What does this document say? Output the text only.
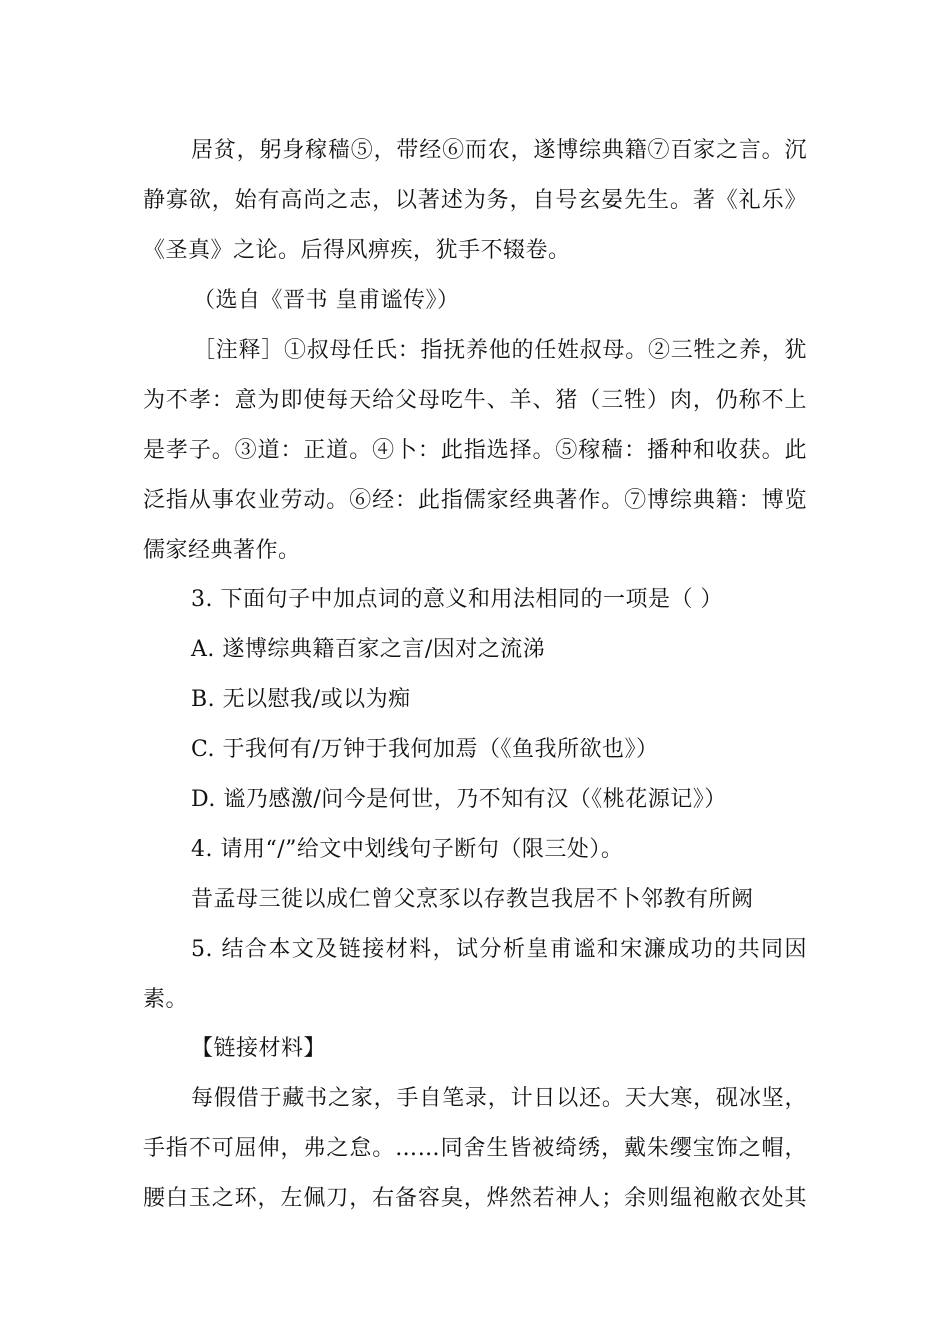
居贫，躬身稼穑⑤，带经⑥而农，遂博综典籍⑦百家之言。沉
静寡欲，始有高尚之志，以著述为务，自号玄晏先生。著《礼乐》
《圣真》之论。后得风痹疾，犹手不辍卷。
（选自《晋书 皇甫谧传》）
［注释］①叔母任氏：指抚养他的任姓叔母。②三牲之养，犹
为不孝：意为即使每天给父母吃牛、羊、猪（三牲）肉，仍称不上
是孝子。③道：正道。④卜：此指选择。⑤稼穑：播种和收获。此
泛指从事农业劳动。⑥经：此指儒家经典著作。⑦博综典籍：博览
儒家经典著作。
3. 下面句子中加点词的意义和用法相同的一项是（ ）
A. 遂博综典籍百家之言/因对之流涕
B. 无以慰我/或以为痴
C. 于我何有/万钟于我何加焉（《鱼我所欲也》）
D. 谧乃感激/问今是何世，乃不知有汉（《桃花源记》）
4. 请用“/”给文中划线句子断句（限三处）。
昔孟母三徙以成仁曾父烹豕以存教岂我居不卜邻教有所阙
5. 结合本文及链接材料，试分析皇甫谧和宋濂成功的共同因
素。
【链接材料】
每假借于藏书之家，手自笔录，计日以还。天大寒，砚冰坚，
手指不可屈伸，弗之怠。……同舍生皆被绮绣，戴朱缨宝饰之帽，
腰白玉之环，左佩刀，右备容臭，烨然若神人；余则缊袍敝衣处其
